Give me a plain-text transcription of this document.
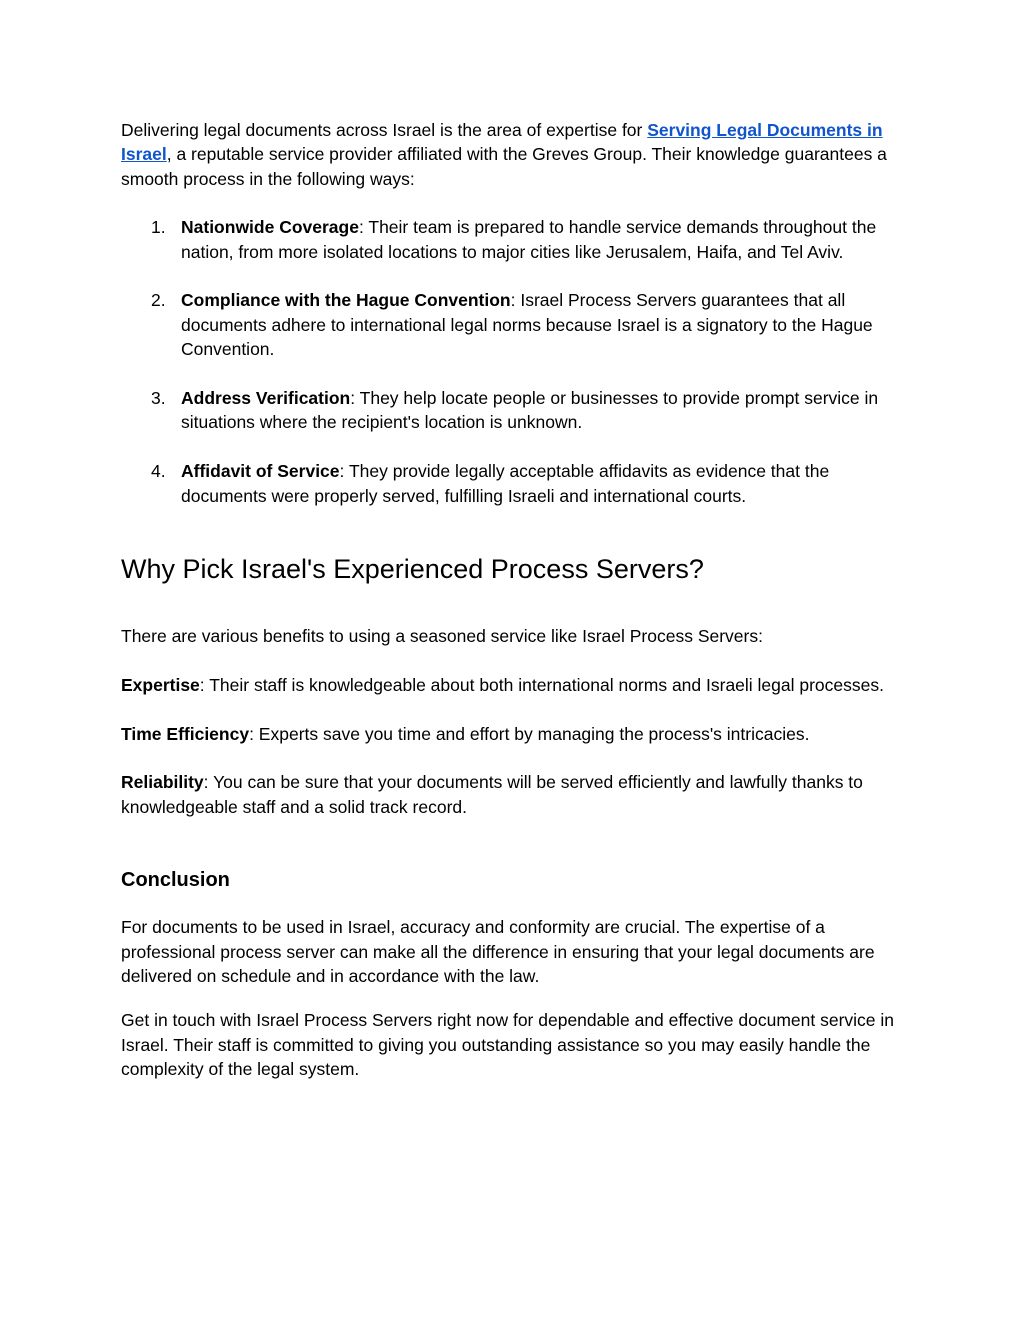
Delivering legal documents across Israel is the area of expertise for Serving Legal Documents in Israel, a reputable service provider affiliated with the Greves Group. Their knowledge guarantees a smooth process in the following ways:

1. Nationwide Coverage: Their team is prepared to handle service demands throughout the nation, from more isolated locations to major cities like Jerusalem, Haifa, and Tel Aviv.
2. Compliance with the Hague Convention: Israel Process Servers guarantees that all documents adhere to international legal norms because Israel is a signatory to the Hague Convention.
3. Address Verification: They help locate people or businesses to provide prompt service in situations where the recipient's location is unknown.
4. Affidavit of Service: They provide legally acceptable affidavits as evidence that the documents were properly served, fulfilling Israeli and international courts.
Why Pick Israel's Experienced Process Servers?

There are various benefits to using a seasoned service like Israel Process Servers:

Expertise: Their staff is knowledgeable about both international norms and Israeli legal processes.

Time Efficiency: Experts save you time and effort by managing the process's intricacies.

Reliability: You can be sure that your documents will be served efficiently and lawfully thanks to knowledgeable staff and a solid track record.

Conclusion

For documents to be used in Israel, accuracy and conformity are crucial. The expertise of a professional process server can make all the difference in ensuring that your legal documents are delivered on schedule and in accordance with the law.

Get in touch with Israel Process Servers right now for dependable and effective document service in Israel. Their staff is committed to giving you outstanding assistance so you may easily handle the complexity of the legal system.
